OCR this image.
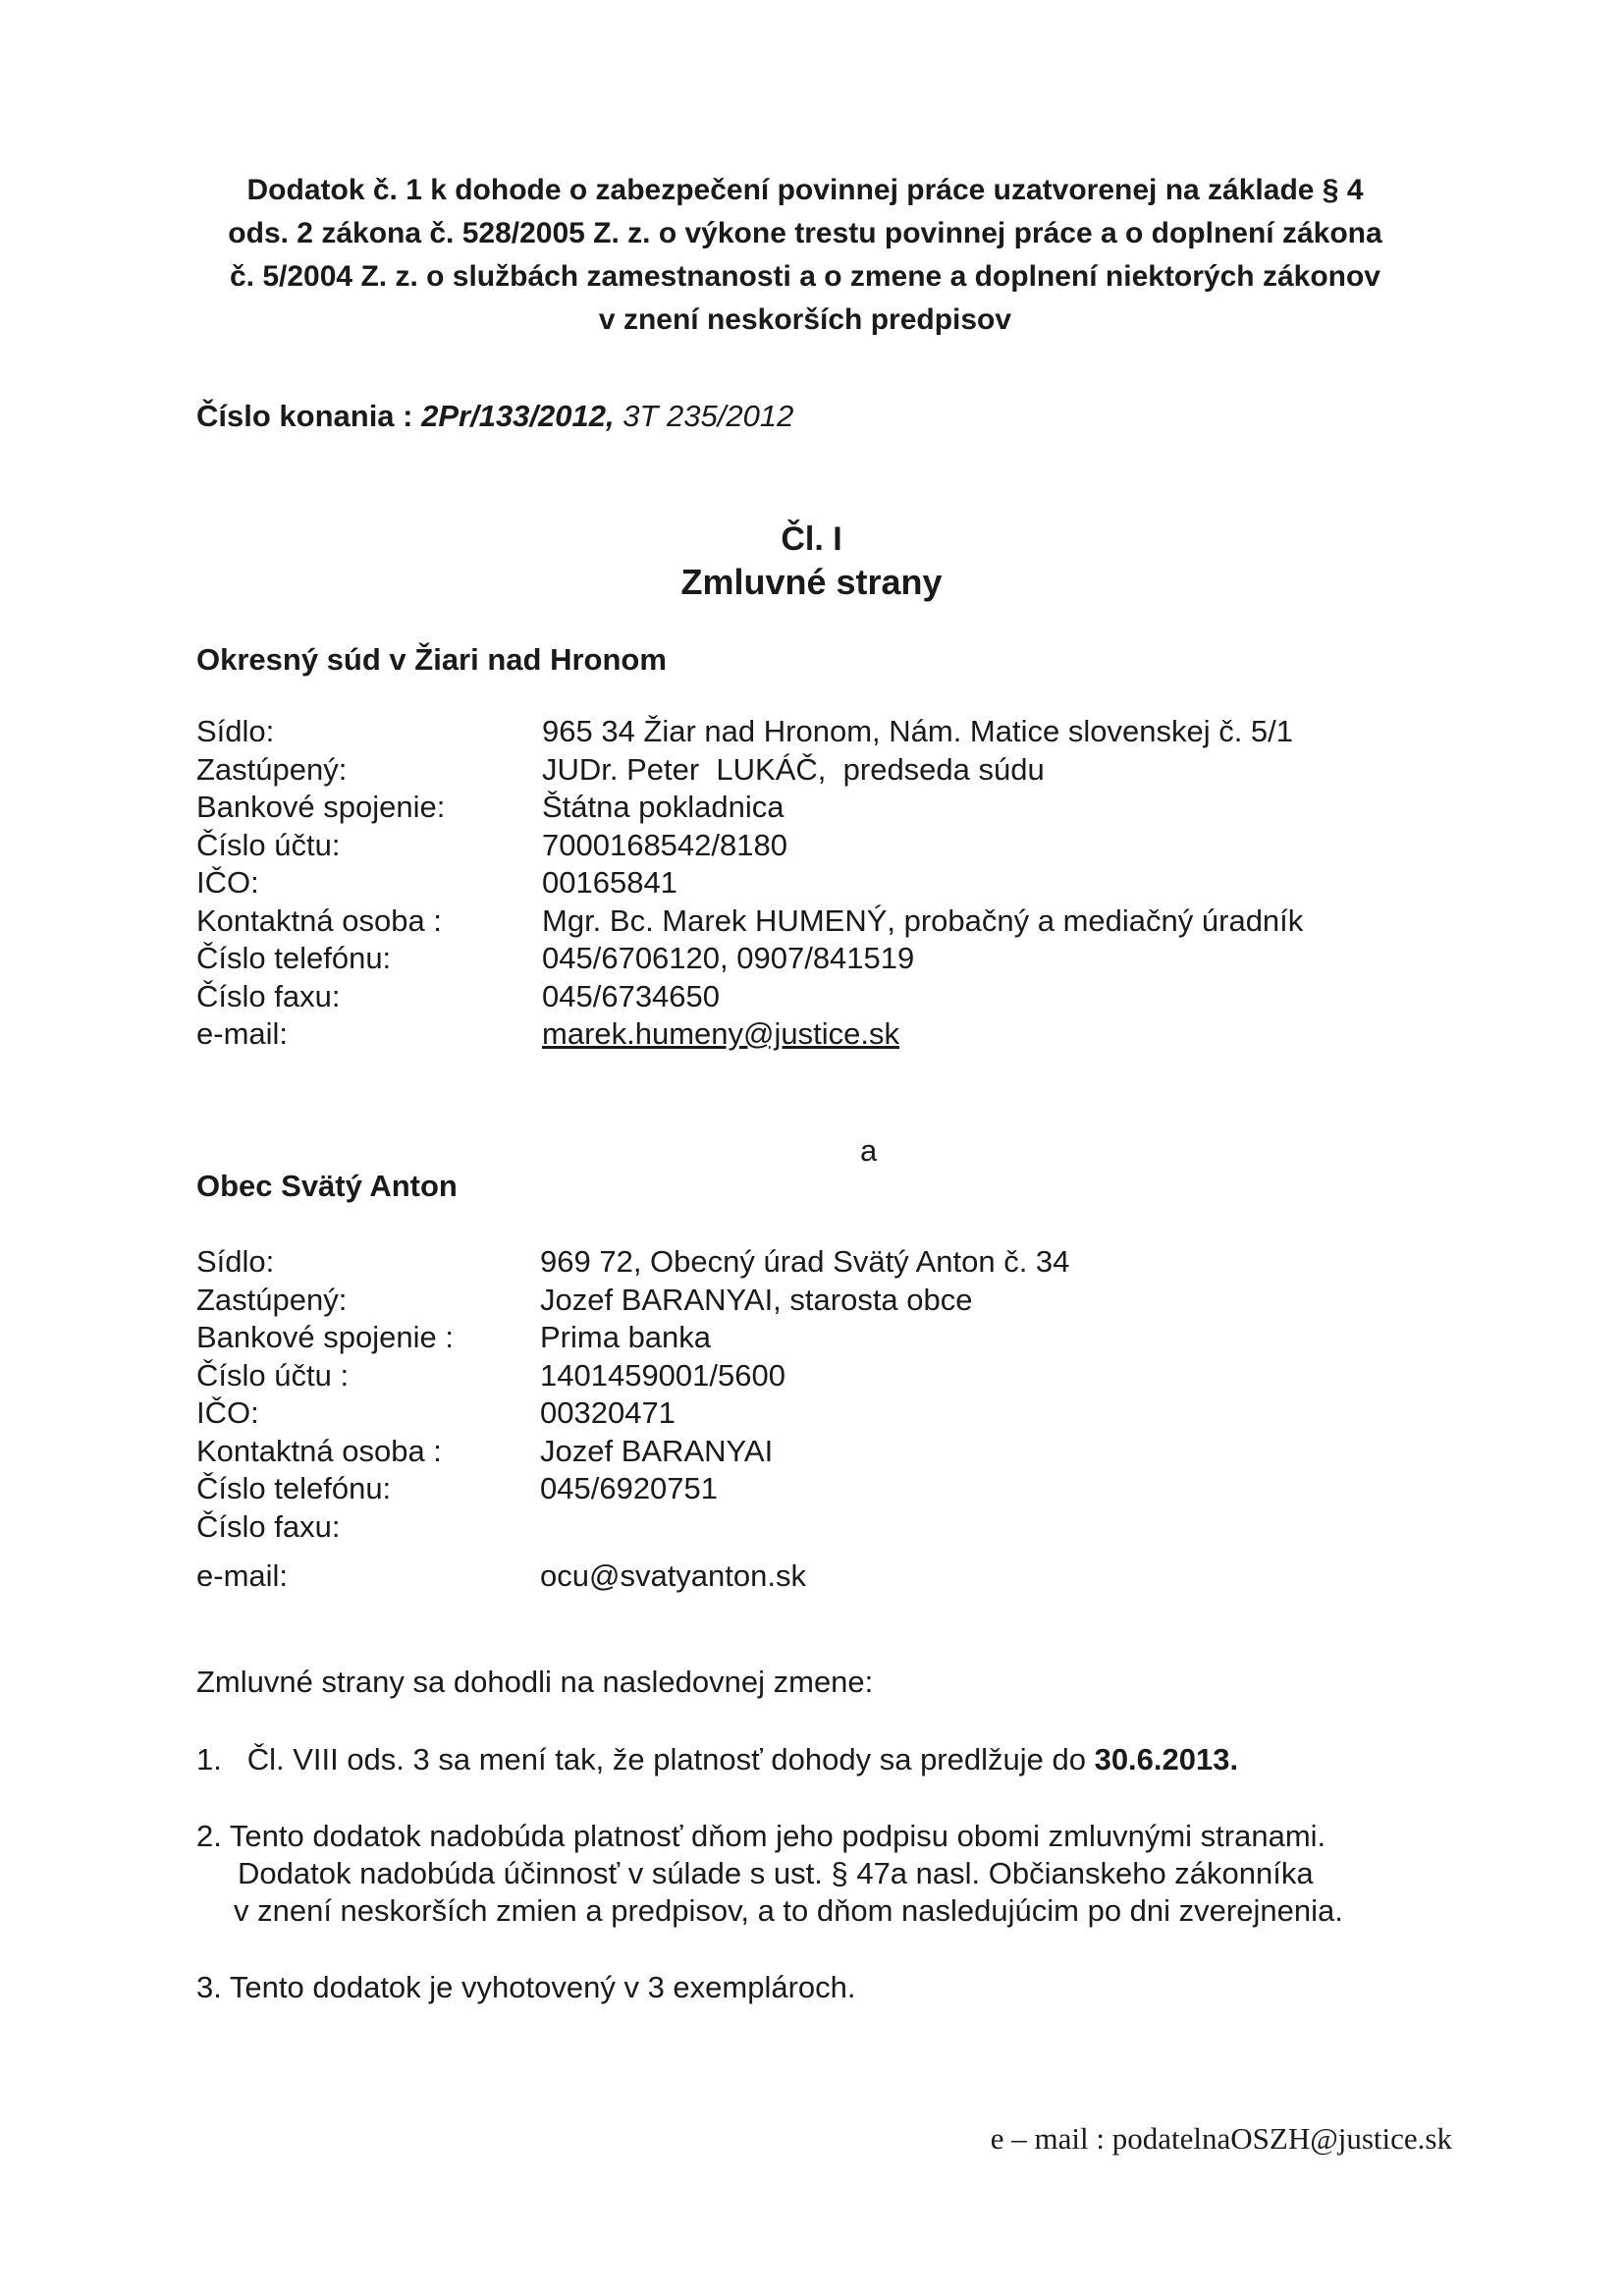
Dodatok č. 1 k dohode o zabezpečení povinnej práce uzatvorenej na základe § 4
ods. 2 zákona č. 528/2005 Z. z. o výkone trestu povinnej práce a o doplnení zákona
č. 5/2004 Z. z. o službách zamestnanosti a o zmene a doplnení niektorých zákonov
v znení neskorších predpisov
Číslo konania : 2Pr/133/2012, 3T 235/2012
Čl. I
Zmluvné strany
Okresný súd v Žiari nad Hronom
Sídlo:	965 34 Žiar nad Hronom, Nám. Matice slovenskej č. 5/1
Zastúpený:	JUDr. Peter  LUKÁČ,  predseda súdu
Bankové spojenie:	Štátna pokladnica
Číslo účtu:	7000168542/8180
IČO:	00165841
Kontaktná osoba :	Mgr. Bc. Marek HUMENÝ, probačný a mediačný úradník
Číslo telefónu:	045/6706120, 0907/841519
Číslo faxu:	045/6734650
e-mail:	marek.humeny@justice.sk
a
Obec Svätý Anton
Sídlo:	969 72, Obecný úrad Svätý Anton č. 34
Zastúpený:	Jozef BARANYAI, starosta obce
Bankové spojenie :	Prima banka
Číslo účtu :	1401459001/5600
IČO:	00320471
Kontaktná osoba :	Jozef BARANYAI
Číslo telefónu:	045/6920751
Číslo faxu:
e-mail:	ocu@svatyanton.sk
Zmluvné strany sa dohodli na nasledovnej zmene:
1.   Čl. VIII ods. 3 sa mení tak, že platnosť dohody sa predlžuje do 30.6.2013.
2. Tento dodatok nadobúda platnosť dňom jeho podpisu obomi zmluvnými stranami.
Dodatok nadobúda účinnosť v súlade s ust. § 47a nasl. Občianskeho zákonníka
v znení neskorších zmien a predpisov, a to dňom nasledujúcim po dni zverejnenia.
3. Tento dodatok je vyhotovený v 3 exemplároch.
e – mail : podatelnaOSZH@justice.sk
